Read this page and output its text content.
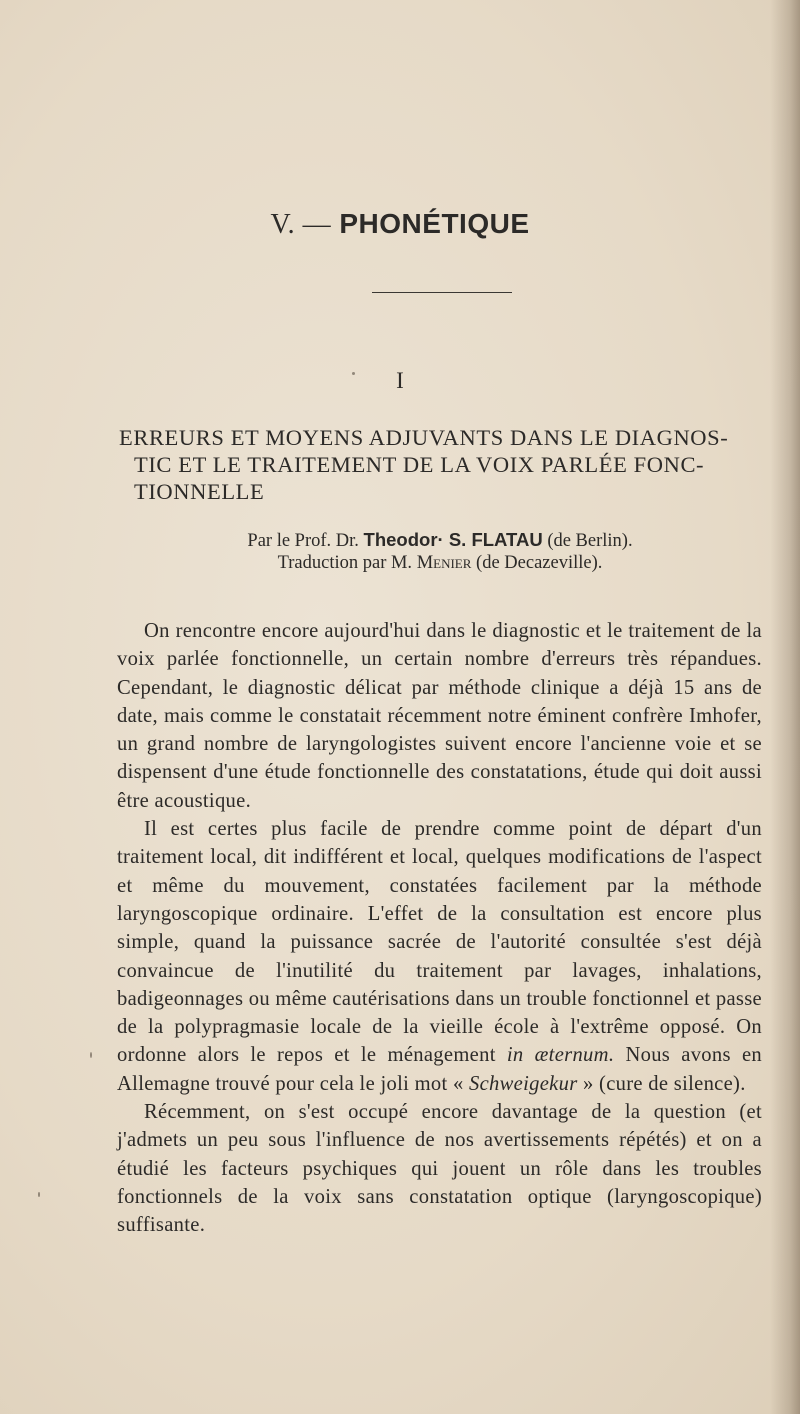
V. — PHONÉTIQUE
I
ERREURS ET MOYENS ADJUVANTS DANS LE DIAGNOS-
TIC ET LE TRAITEMENT DE LA VOIX PARLÉE FONC-
TIONNELLE
Par le Prof. Dr. Theodor· S. FLATAU (de Berlin).
Traduction par M. Menier (de Decazeville).

On rencontre encore aujourd'hui dans le diagnostic et le traitement de la voix parlée fonctionnelle, un certain nombre d'erreurs très répandues. Cependant, le diagnostic délicat par méthode clinique a déjà 15 ans de date, mais comme le constatait récemment notre éminent confrère Imhofer, un grand nombre de laryngologistes suivent encore l'ancienne voie et se dispensent d'une étude fonctionnelle des constatations, étude qui doit aussi être acoustique.

Il est certes plus facile de prendre comme point de départ d'un traitement local, dit indifférent et local, quelques modifications de l'aspect et même du mouvement, constatées facilement par la méthode laryngoscopique ordinaire. L'effet de la consultation est encore plus simple, quand la puissance sacrée de l'autorité consultée s'est déjà convaincue de l'inutilité du traitement par lavages, inhalations, badigeonnages ou même cautérisations dans un trouble fonctionnel et passe de la polypragmasie locale de la vieille école à l'extrême opposé. On ordonne alors le repos et le ménagement in æternum. Nous avons en Allemagne trouvé pour cela le joli mot « Schweigekur » (cure de silence).

Récemment, on s'est occupé encore davantage de la question (et j'admets un peu sous l'influence de nos avertissements répétés) et on a étudié les facteurs psychiques qui jouent un rôle dans les troubles fonctionnels de la voix sans constatation optique (laryngoscopique) suffisante.
